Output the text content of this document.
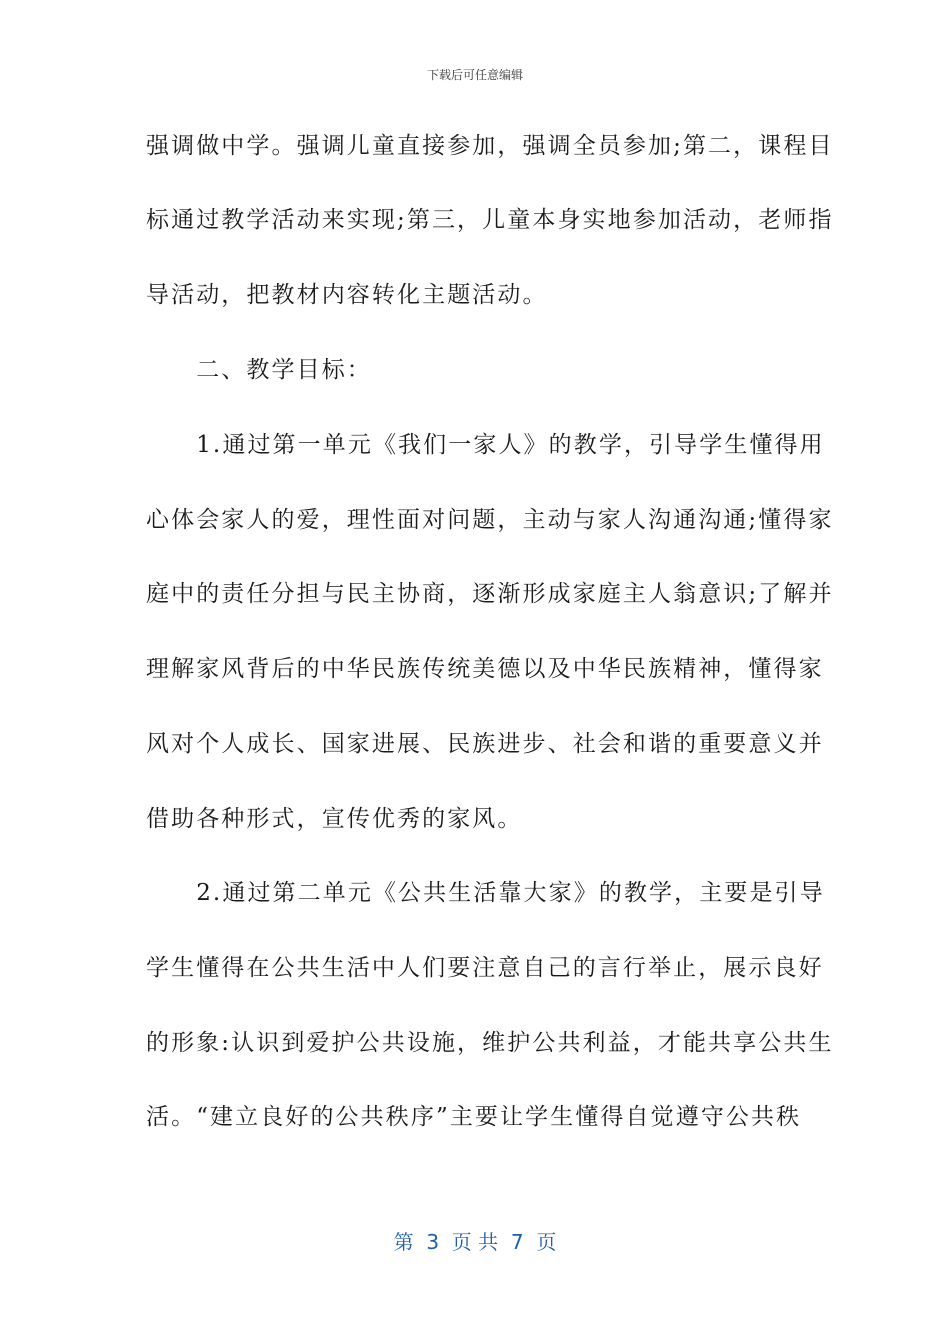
下载后可任意编辑
强调做中学。强调儿童直接参加，强调全员参加;第二，课程目
标通过教学活动来实现;第三，儿童本身实地参加活动，老师指
导活动，把教材内容转化主题活动。
　　二、教学目标：
　　1.通过第一单元《我们一家人》的教学，引导学生懂得用
心体会家人的爱，理性面对问题，主动与家人沟通沟通;懂得家
庭中的责任分担与民主协商，逐渐形成家庭主人翁意识;了解并
理解家风背后的中华民族传统美德以及中华民族精神，懂得家
风对个人成长、国家进展、民族进步、社会和谐的重要意义并
借助各种形式，宣传优秀的家风。
　　2.通过第二单元《公共生活靠大家》的教学，主要是引导
学生懂得在公共生活中人们要注意自己的言行举止，展示良好
的形象:认识到爱护公共设施，维护公共利益，才能共享公共生
活。“建立良好的公共秩序”主要让学生懂得自觉遵守公共秩
第  3  页 共  7  页
